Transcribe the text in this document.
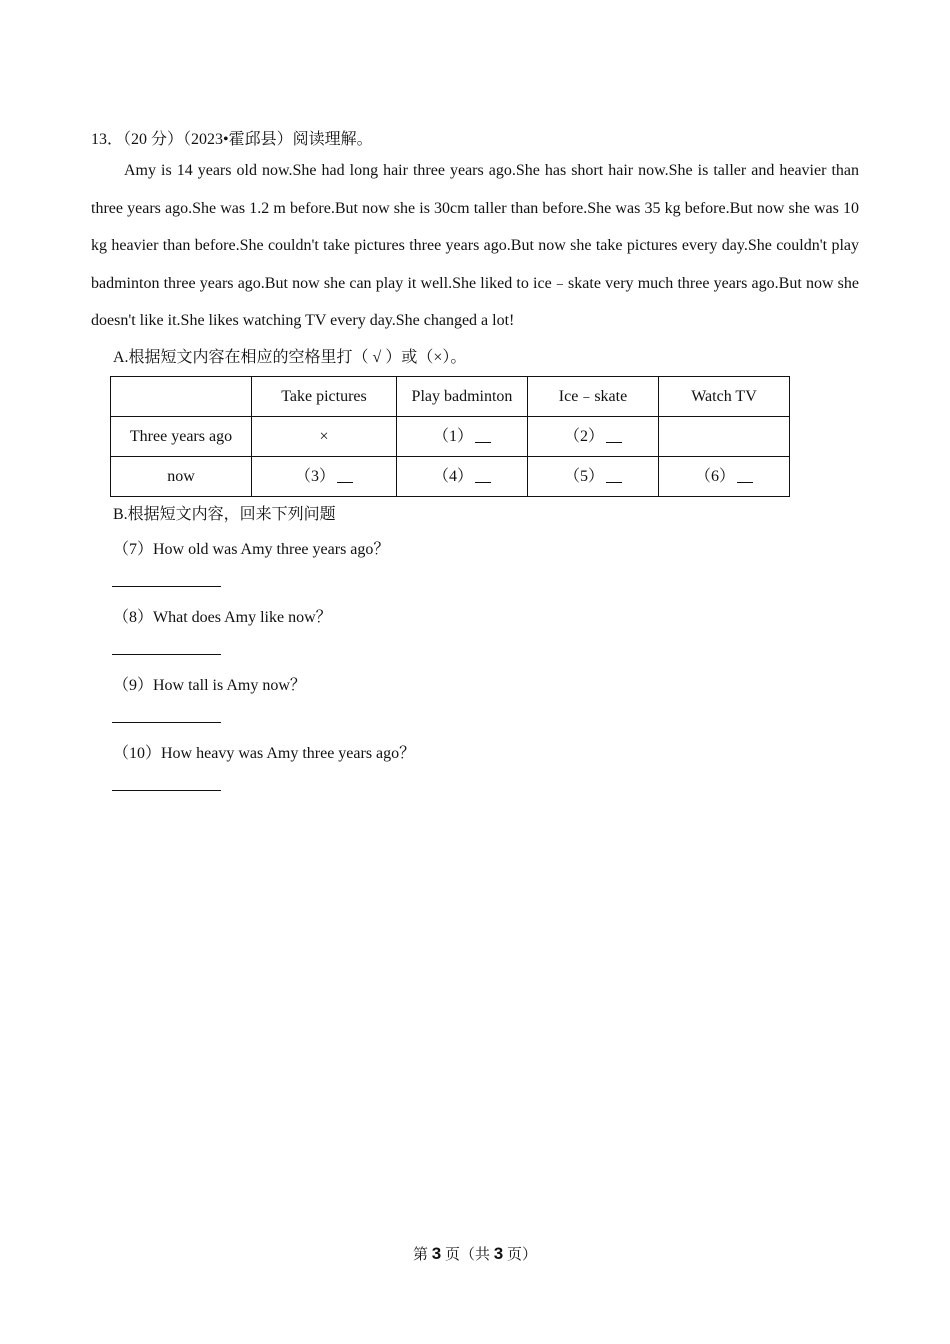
13．（20 分）（2023•霍邱县）阅读理解。

Amy is 14 years old now.She had long hair three years ago.She has short hair now.She is taller and heavier than three years ago.She was 1.2 m before.But now she is 30cm taller than before.She was 35 kg before.But now she was 10 kg heavier than before.She couldn't take pictures three years ago.But now she take pictures every day.She couldn't play badminton three years ago.But now she can play it well.She liked to ice﹣skate very much three years ago.But now she doesn't like it.She likes watching TV every day.She changed a lot!

A.根据短文内容在相应的空格里打（ √ ）或（×）。
	Take pictures	Play badminton	Ice﹣skate	Watch TV
Three years ago	×	（1）	（2）	
now	（3）	（4）	（5）	（6）
B.根据短文内容，回来下列问题
（7）How old was Amy three years ago？
（8）What does Amy like now？
（9）How tall is Amy now？
（10）How heavy was Amy three years ago？
第 3 页（共 3 页）
